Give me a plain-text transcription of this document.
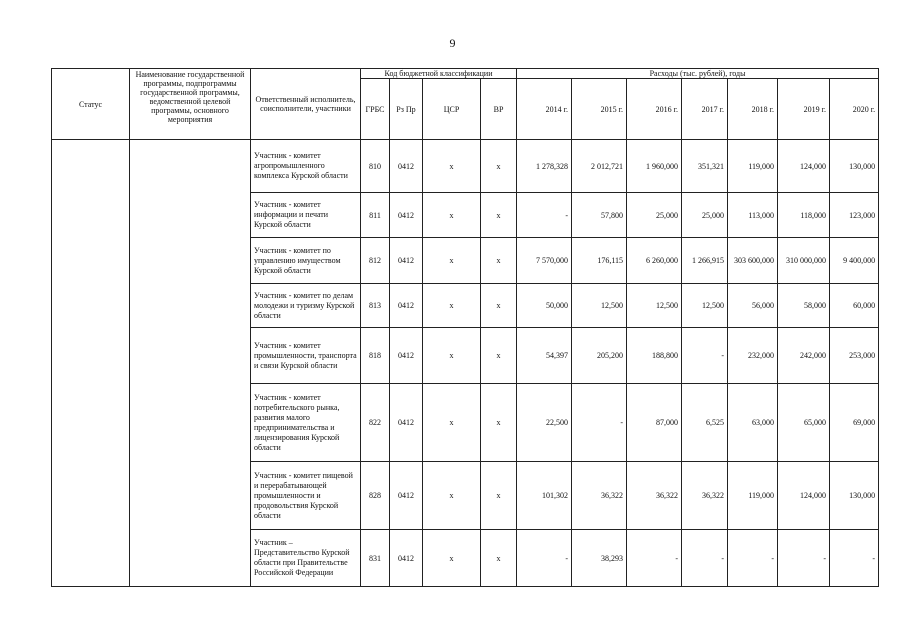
9
Статус	Наименование государственной программы, подпрограммы государственной программы, ведомственной целевой программы, основного мероприятия	Ответственный исполнитель, соисполнители, участники	Код бюджетной классификации				Расходы (тыс. рублей), годы						
			ГРБС	Рз Пр	ЦСР	ВР	2014 г.	2015 г.	2016 г.	2017 г.	2018 г.	2019 г.	2020 г.
		Участник - комитет агропромышленного комплекса Курской области	810	0412	х	х	1 278,328	2 012,721	1 960,000	351,321	119,000	124,000	130,000
		Участник - комитет информации и печати Курской области	811	0412	х	х	-	57,800	25,000	25,000	113,000	118,000	123,000
		Участник - комитет по управлению имуществом Курской области	812	0412	х	х	7 570,000	176,115	6 260,000	1 266,915	303 600,000	310 000,000	9 400,000
		Участник - комитет по делам молодежи и туризму Курской области	813	0412	х	х	50,000	12,500	12,500	12,500	56,000	58,000	60,000
		Участник - комитет промышленности, транспорта и связи Курской области	818	0412	х	х	54,397	205,200	188,800	-	232,000	242,000	253,000
		Участник - комитет потребительского рынка, развития малого предпринимательства и лицензирования Курской области	822	0412	х	х	22,500	-	87,000	6,525	63,000	65,000	69,000
		Участник - комитет пищевой и перерабатывающей промышленности и продовольствия Курской области	828	0412	х	х	101,302	36,322	36,322	36,322	119,000	124,000	130,000
		Участник – Представительство Курской области при Правительстве Российской Федерации	831	0412	х	х	-	38,293	-	-	-	-	-
